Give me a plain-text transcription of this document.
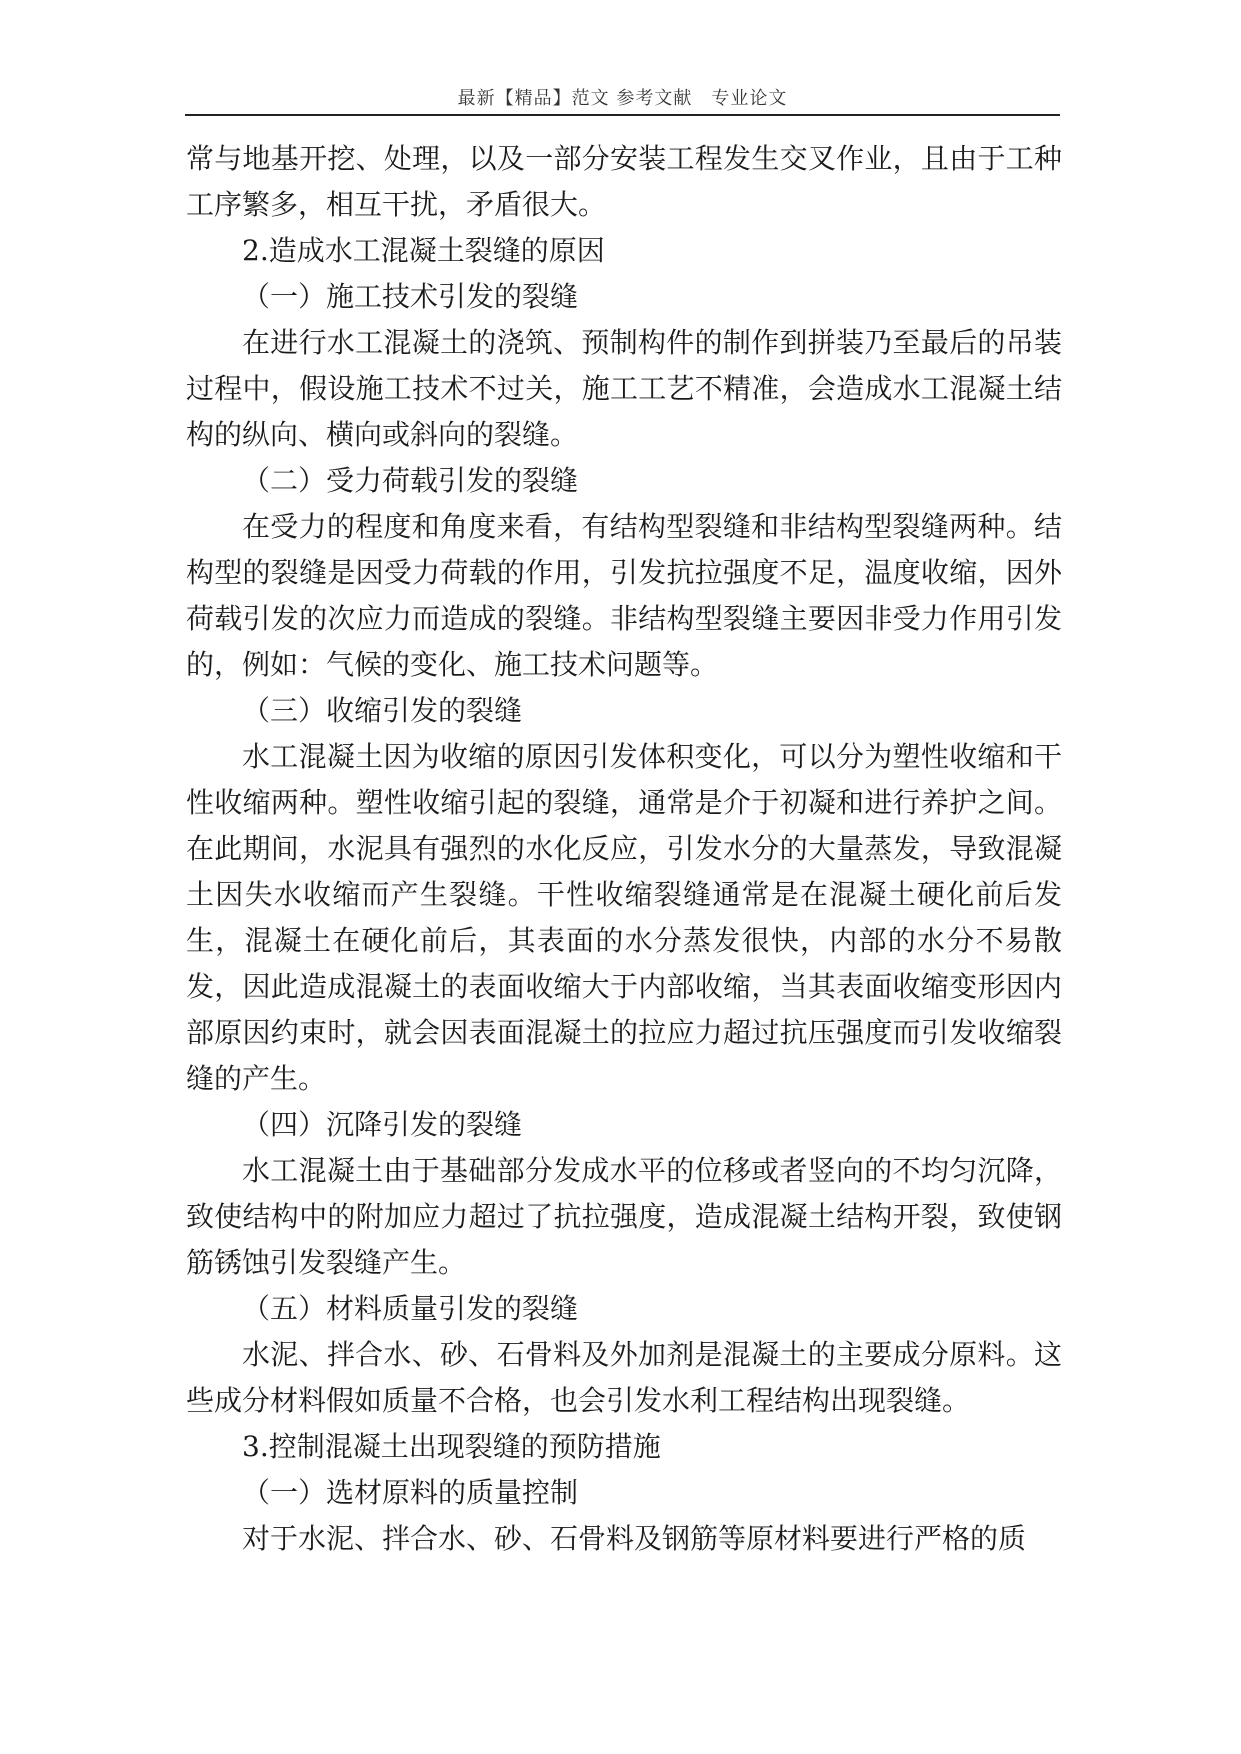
最新【精品】范文 参考文献　专业论文

常与地基开挖、处理，以及一部分安装工程发生交叉作业，且由于工种工序繁多，相互干扰，矛盾很大。

2.造成水工混凝土裂缝的原因

（一）施工技术引发的裂缝

在进行水工混凝土的浇筑、预制构件的制作到拼装乃至最后的吊装过程中，假设施工技术不过关，施工工艺不精准，会造成水工混凝土结构的纵向、横向或斜向的裂缝。

（二）受力荷载引发的裂缝

在受力的程度和角度来看，有结构型裂缝和非结构型裂缝两种。结构型的裂缝是因受力荷载的作用，引发抗拉强度不足，温度收缩，因外荷载引发的次应力而造成的裂缝。非结构型裂缝主要因非受力作用引发的，例如：气候的变化、施工技术问题等。

（三）收缩引发的裂缝

水工混凝土因为收缩的原因引发体积变化，可以分为塑性收缩和干性收缩两种。塑性收缩引起的裂缝，通常是介于初凝和进行养护之间。在此期间，水泥具有强烈的水化反应，引发水分的大量蒸发，导致混凝土因失水收缩而产生裂缝。干性收缩裂缝通常是在混凝土硬化前后发生，混凝土在硬化前后，其表面的水分蒸发很快，内部的水分不易散发，因此造成混凝土的表面收缩大于内部收缩，当其表面收缩变形因内部原因约束时，就会因表面混凝土的拉应力超过抗压强度而引发收缩裂缝的产生。

（四）沉降引发的裂缝

水工混凝土由于基础部分发成水平的位移或者竖向的不均匀沉降，致使结构中的附加应力超过了抗拉强度，造成混凝土结构开裂，致使钢筋锈蚀引发裂缝产生。

（五）材料质量引发的裂缝

水泥、拌合水、砂、石骨料及外加剂是混凝土的主要成分原料。这些成分材料假如质量不合格，也会引发水利工程结构出现裂缝。

3.控制混凝土出现裂缝的预防措施

（一）选材原料的质量控制

对于水泥、拌合水、砂、石骨料及钢筋等原材料要进行严格的质
